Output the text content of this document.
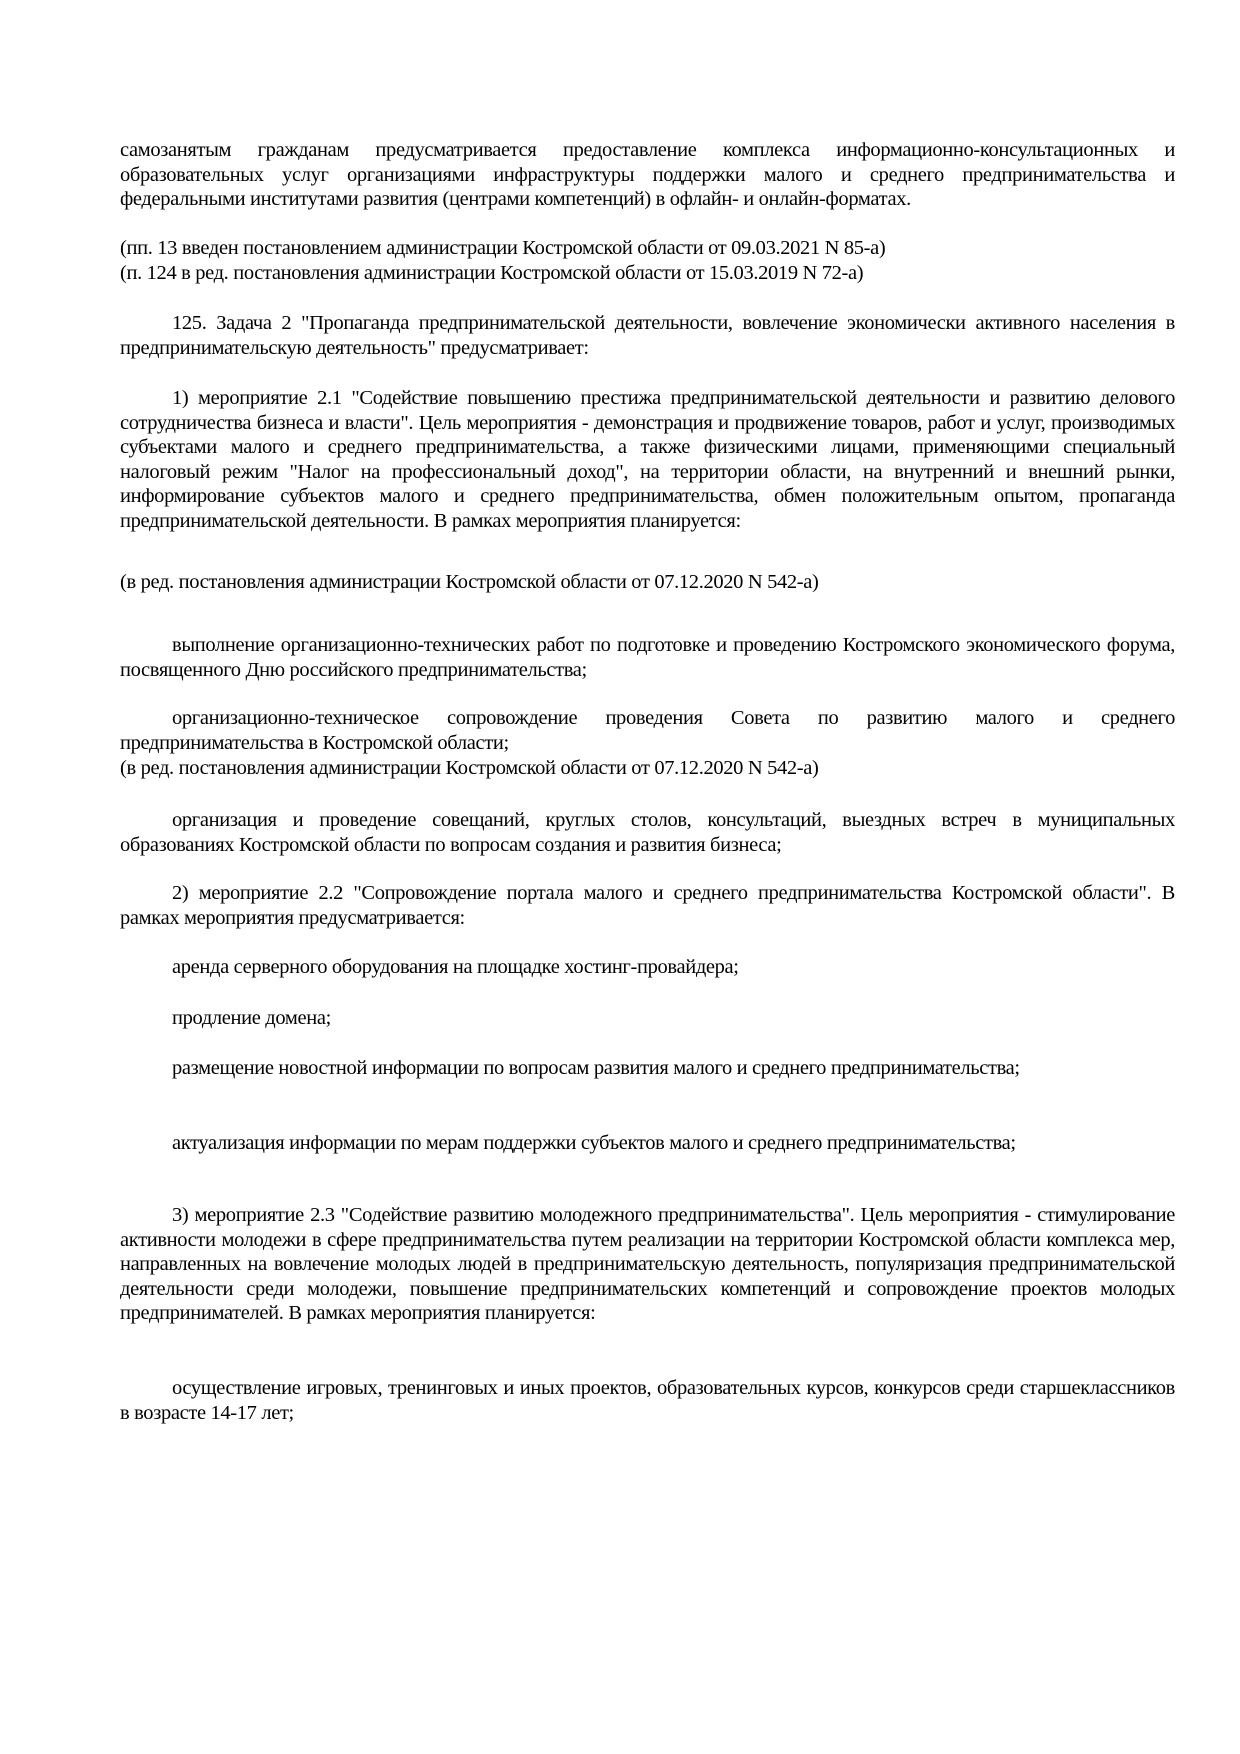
самозанятым гражданам предусматривается предоставление комплекса информационно-консультационных и образовательных услуг организациями инфраструктуры поддержки малого и среднего предпринимательства и федеральными институтами развития (центрами компетенций) в офлайн- и онлайн-форматах.
(пп. 13 введен постановлением администрации Костромской области от 09.03.2021 N 85-а)
(п. 124 в ред. постановления администрации Костромской области от 15.03.2019 N 72-а)
125. Задача 2 "Пропаганда предпринимательской деятельности, вовлечение экономически активного населения в предпринимательскую деятельность" предусматривает:
1) мероприятие 2.1 "Содействие повышению престижа предпринимательской деятельности и развитию делового сотрудничества бизнеса и власти". Цель мероприятия - демонстрация и продвижение товаров, работ и услуг, производимых субъектами малого и среднего предпринимательства, а также физическими лицами, применяющими специальный налоговый режим "Налог на профессиональный доход", на территории области, на внутренний и внешний рынки, информирование субъектов малого и среднего предпринимательства, обмен положительным опытом, пропаганда предпринимательской деятельности. В рамках мероприятия планируется:
(в ред. постановления администрации Костромской области от 07.12.2020 N 542-а)
выполнение организационно-технических работ по подготовке и проведению Костромского экономического форума, посвященного Дню российского предпринимательства;
организационно-техническое сопровождение проведения Совета по развитию малого и среднего предпринимательства в Костромской области;
(в ред. постановления администрации Костромской области от 07.12.2020 N 542-а)
организация и проведение совещаний, круглых столов, консультаций, выездных встреч в муниципальных образованиях Костромской области по вопросам создания и развития бизнеса;
2) мероприятие 2.2 "Сопровождение портала малого и среднего предпринимательства Костромской области". В рамках мероприятия предусматривается:
аренда серверного оборудования на площадке хостинг-провайдера;
продление домена;
размещение новостной информации по вопросам развития малого и среднего предпринимательства;
актуализация информации по мерам поддержки субъектов малого и среднего предпринимательства;
3) мероприятие 2.3 "Содействие развитию молодежного предпринимательства". Цель мероприятия - стимулирование активности молодежи в сфере предпринимательства путем реализации на территории Костромской области комплекса мер, направленных на вовлечение молодых людей в предпринимательскую деятельность, популяризация предпринимательской деятельности среди молодежи, повышение предпринимательских компетенций и сопровождение проектов молодых предпринимателей. В рамках мероприятия планируется:
осуществление игровых, тренинговых и иных проектов, образовательных курсов, конкурсов среди старшеклассников в возрасте 14-17 лет;
